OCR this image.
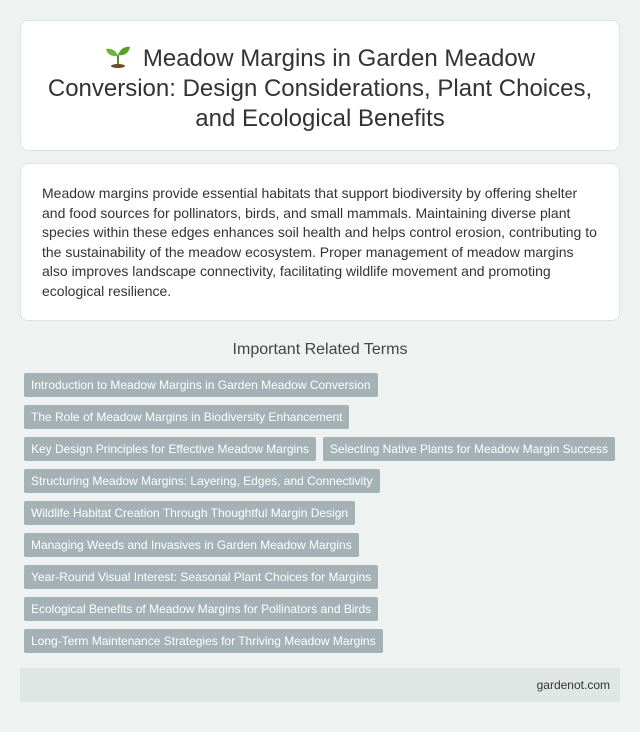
Meadow Margins in Garden Meadow Conversion: Design Considerations, Plant Choices, and Ecological Benefits

Meadow margins provide essential habitats that support biodiversity by offering shelter and food sources for pollinators, birds, and small mammals. Maintaining diverse plant species within these edges enhances soil health and helps control erosion, contributing to the sustainability of the meadow ecosystem. Proper management of meadow margins also improves landscape connectivity, facilitating wildlife movement and promoting ecological resilience.

Important Related Terms
Introduction to Meadow Margins in Garden Meadow Conversion
The Role of Meadow Margins in Biodiversity Enhancement
Key Design Principles for Effective Meadow Margins Selecting Native Plants for Meadow Margin Success
Structuring Meadow Margins: Layering, Edges, and Connectivity
Wildlife Habitat Creation Through Thoughtful Margin Design
Managing Weeds and Invasives in Garden Meadow Margins
Year-Round Visual Interest: Seasonal Plant Choices for Margins
Ecological Benefits of Meadow Margins for Pollinators and Birds
Long-Term Maintenance Strategies for Thriving Meadow Margins
gardenot.com
